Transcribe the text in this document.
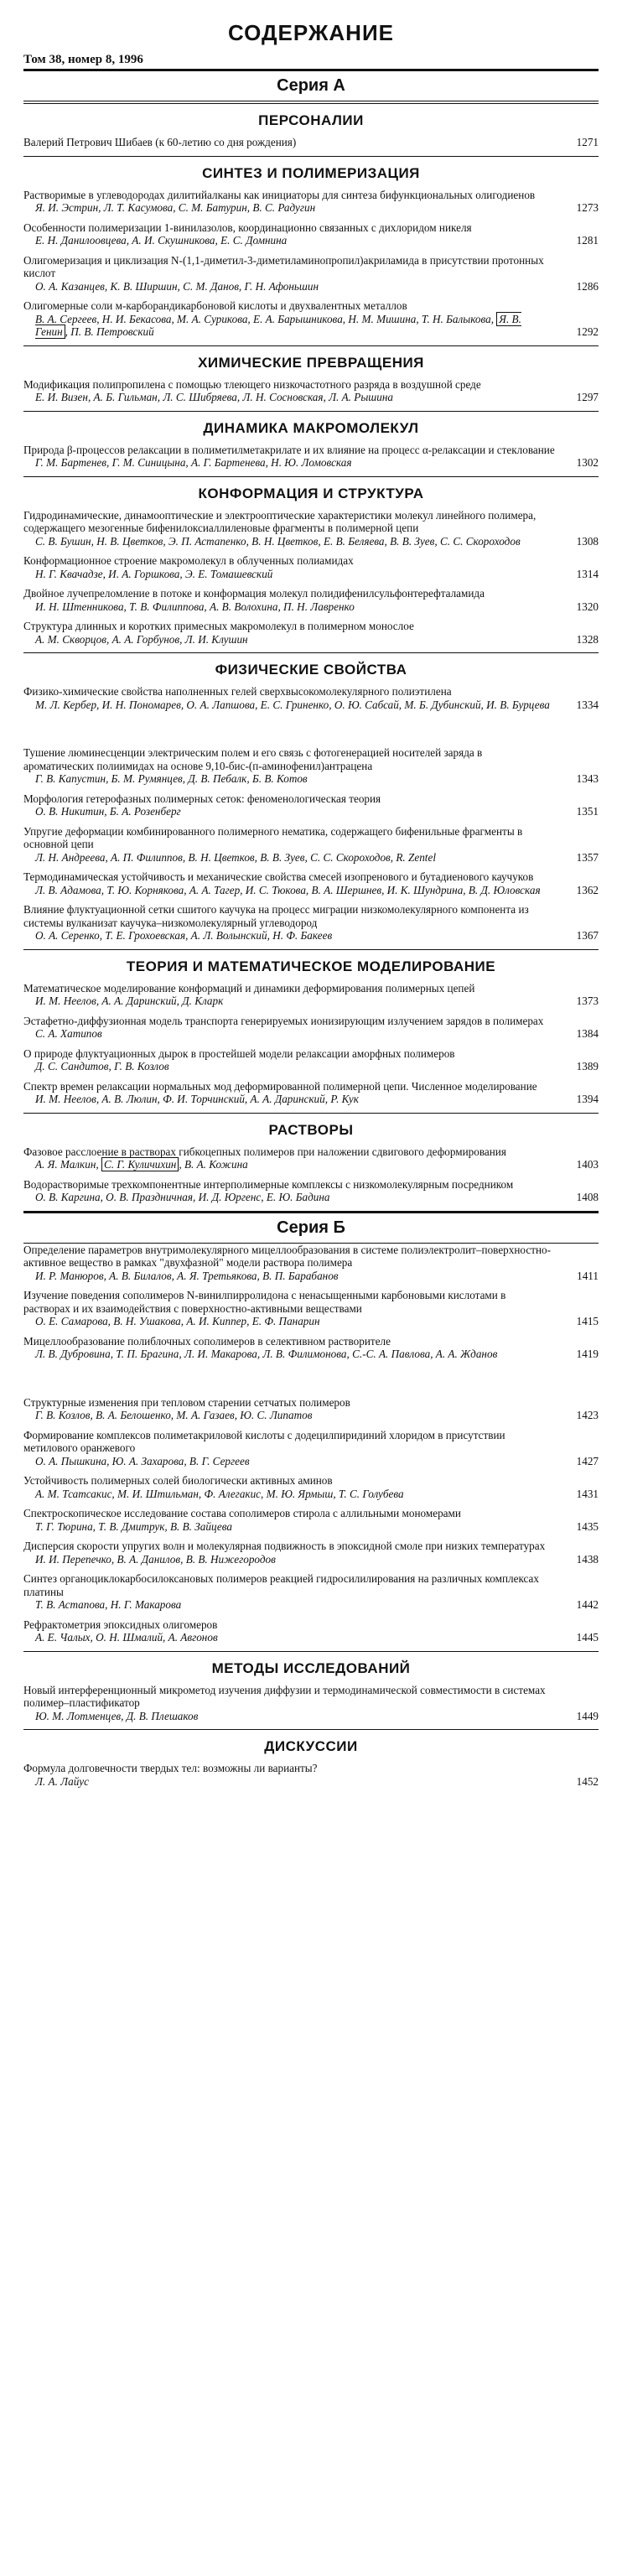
СОДЕРЖАНИЕ
Том 38, номер 8, 1996
Серия А
ПЕРСОНАЛИИ
Валерий Петрович Шибаев (к 60-летию со дня рождения)	1271
СИНТЕЗ И ПОЛИМЕРИЗАЦИЯ
Растворимые в углеводородах дилитийалканы как инициаторы для синтеза бифункциональных олигодиенов
Я. И. Эстрин, Л. Т. Касумова, С. М. Батурин, В. С. Радугин	1273
Особенности полимеризации 1-винилазолов, координационно связанных с дихлоридом никеля
Е. Н. Данилоовцева, А. И. Скушникова, Е. С. Домнина	1281
Олигомеризация и циклизация N-(1,1-диметил-3-диметиламинопропил)акриламида в присутствии протонных кислот
О. А. Казанцев, К. В. Ширшин, С. М. Данов, Г. Н. Афоньшин	1286
Олигомерные соли м-карборандикарбоновой кислоты и двухвалентных металлов
В. А. Сергеев, Н. И. Бекасова, М. А. Сурикова, Е. А. Барышникова, Н. М. Мишина, Т. Н. Балыкова, Я. В. Генин , П. В. Петровский	1292
ХИМИЧЕСКИЕ ПРЕВРАЩЕНИЯ
Модификация полипропилена с помощью тлеющего низкочастотного разряда в воздушной среде
Е. И. Визен, А. Б. Гильман, Л. С. Шибряева, Л. Н. Сосновская, Л. А. Рышина	1297
ДИНАМИКА МАКРОМОЛЕКУЛ
Природа β-процессов релаксации в полиметилметакрилате и их влияние на процесс α-релаксации и стеклование
Г. М. Бартенев, Г. М. Синицына, А. Г. Бартенева, Н. Ю. Ломовская	1302
КОНФОРМАЦИЯ И СТРУКТУРА
Гидродинамические, динамооптические и электрооптические характеристики молекул линейного полимера, содержащего мезогенные бифенилоксиаллиленовые фрагменты в полимерной цепи
С. В. Бушин, Н. В. Цветков, Э. П. Астапенко, В. Н. Цветков, Е. В. Беляева, В. В. Зуев, С. С. Скороходов	1308
Конформационное строение макромолекул в облученных полиамидах
Н. Г. Квачадзе, И. А. Горшкова, Э. Е. Томашевский	1314
Двойное лучепреломление в потоке и конформация молекул полидифенилсульфонтерефталамида
И. Н. Штенникова, Т. В. Филиппова, А. В. Волохина, П. Н. Лавренко	1320
Структура длинных и коротких примесных макромолекул в полимерном монослое
А. М. Скворцов, А. А. Горбунов, Л. И. Клушин	1328
ФИЗИЧЕСКИЕ СВОЙСТВА
Физико-химические свойства наполненных гелей сверхвысокомолекулярного полиэтилена
М. Л. Кербер, И. Н. Пономарев, О. А. Лапшова, Е. С. Гриненко, О. Ю. Сабсай, М. Б. Дубинский, И. В. Бурцева	1334
Тушение люминесценции электрическим полем и его связь с фотогенерацией носителей заряда в ароматических полиимидах на основе 9,10-бис-(п-аминофенил)антрацена
Г. В. Капустин, Б. М. Румянцев, Д. В. Пебалк, Б. В. Котов	1343
Морфология гетерофазных полимерных сеток: феноменологическая теория
О. В. Никитин, Б. А. Розенберг	1351
Упругие деформации комбинированного полимерного нематика, содержащего бифенильные фрагменты в основной цепи
Л. Н. Андреева, А. П. Филиппов, В. Н. Цветков, В. В. Зуев, С. С. Скороходов, R. Zentel	1357
Термодинамическая устойчивость и механические свойства смесей изопренового и бутадиенового каучуков
Л. В. Адамова, Т. Ю. Корнякова, А. А. Тагер, И. С. Тюкова, В. А. Шершнев, И. К. Шундрина, В. Д. Юловская	1362
Влияние флуктуационной сетки сшитого каучука на процесс миграции низкомолекулярного компонента из системы вулканизат каучука–низкомолекулярный углеводород
О. А. Серенко, Т. Е. Грохоевская, А. Л. Волынский, Н. Ф. Бакеев	1367
ТЕОРИЯ И МАТЕМАТИЧЕСКОЕ МОДЕЛИРОВАНИЕ
Математическое моделирование конформаций и динамики деформирования полимерных цепей
И. М. Неелов, А. А. Даринский, Д. Кларк	1373
Эстафетно-диффузионная модель транспорта генерируемых ионизирующим излучением зарядов в полимерах
С. А. Хатипов	1384
О природе флуктуационных дырок в простейшей модели релаксации аморфных полимеров
Д. С. Сандитов, Г. В. Козлов	1389
Спектр времен релаксации нормальных мод деформированной полимерной цепи. Численное моделирование
И. М. Неелов, А. В. Люлин, Ф. И. Торчинский, А. А. Даринский, Р. Кук	1394
РАСТВОРЫ
Фазовое расслоение в растворах гибкоцепных полимеров при наложении сдвигового деформирования
А. Я. Малкин, С. Г. Куличихин , В. А. Кожина	1403
Водорастворимые трехкомпонентные интерполимерные комплексы с низкомолекулярным посредником
О. В. Каргина, О. В. Праздничная, И. Д. Юргенс, Е. Ю. Бадина	1408
Серия Б
Определение параметров внутримолекулярного мицеллообразования в системе полиэлектролит–поверхностно-активное вещество в рамках "двухфазной" модели раствора полимера
И. Р. Манюров, А. В. Билалов, А. Я. Третьякова, В. П. Барабанов	1411
Изучение поведения сополимеров N-винилпирролидона с ненасыщенными карбоновыми кислотами в растворах и их взаимодействия с поверхностно-активными веществами
О. Е. Самарова, В. Н. Ушакова, А. И. Киппер, Е. Ф. Панарин	1415
Мицеллообразование полиблочных сополимеров в селективном растворителе
Л. В. Дубровина, Т. П. Брагина, Л. И. Макарова, Л. В. Филимонова, С.-С. А. Павлова, А. А. Жданов	1419
Структурные изменения при тепловом старении сетчатых полимеров
Г. В. Козлов, В. А. Белошенко, М. А. Газаев, Ю. С. Липатов	1423
Формирование комплексов полиметакриловой кислоты с додецилпиридиний хлоридом в присутствии метилового оранжевого
О. А. Пышкина, Ю. А. Захарова, В. Г. Сергеев	1427
Устойчивость полимерных солей биологически активных аминов
А. М. Тсатсакис, М. И. Штильман, Ф. Алегакис, М. Ю. Ярмыш, Т. С. Голубева	1431
Спектроскопическое исследование состава сополимеров стирола с аллильными мономерами
Т. Г. Тюрина, Т. В. Дмитрук, В. В. Зайцева	1435
Дисперсия скорости упругих волн и молекулярная подвижность в эпоксидной смоле при низких температурах
И. И. Перепечко, В. А. Данилов, В. В. Нижегородов	1438
Синтез органоциклокарбосилоксановых полимеров реакцией гидросилилирования на различных комплексах платины
Т. В. Астапова, Н. Г. Макарова	1442
Рефрактометрия эпоксидных олигомеров
А. Е. Чалых, О. Н. Шмалий, А. Авгонов	1445
МЕТОДЫ ИССЛЕДОВАНИЙ
Новый интерференционный микрометод изучения диффузии и термодинамической совместимости в системах полимер–пластификатор
Ю. М. Лотменцев, Д. В. Плешаков	1449
ДИСКУССИИ
Формула долговечности твердых тел: возможны ли варианты?
Л. А. Лайус	1452
